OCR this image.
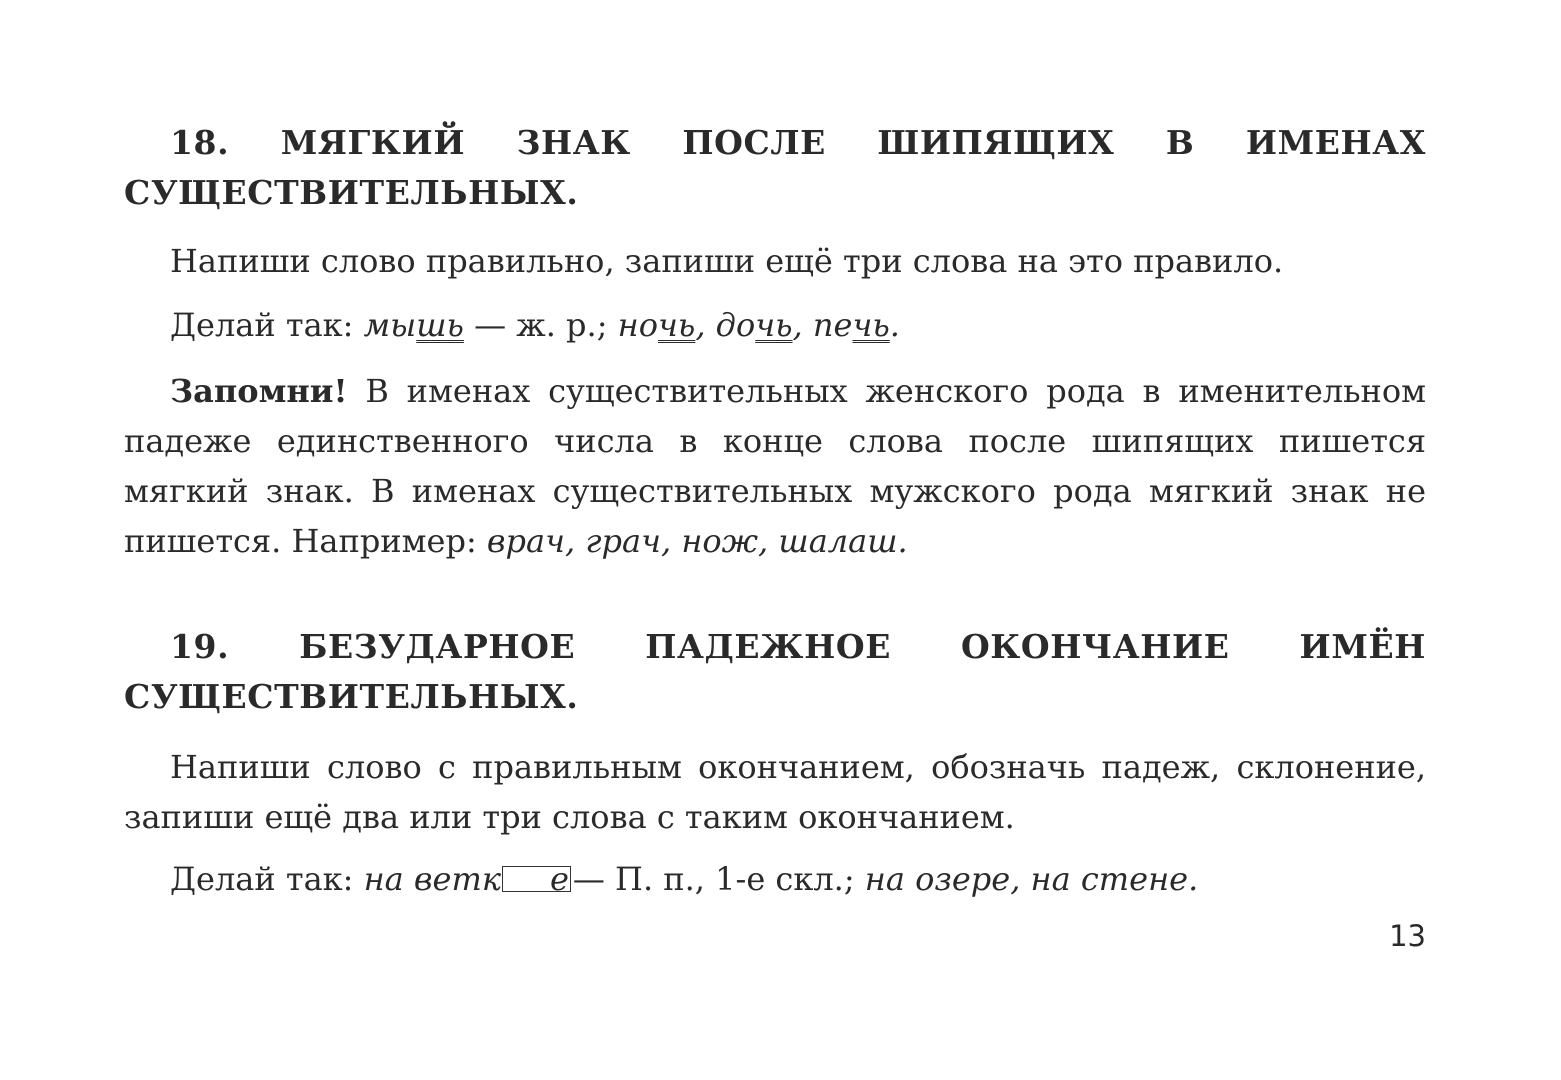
18. МЯГКИЙ ЗНАК ПОСЛЕ ШИПЯЩИХ В ИМЕНАХ СУЩЕСТВИТЕЛЬНЫХ.

Напиши слово правильно, запиши ещё три слова на это правило.

Делай так: мышь — ж. р.; ночь, дочь, печь.

Запомни! В именах существительных женского рода в именительном падеже единственного числа в конце слова после шипящих пишется мягкий знак. В именах существительных мужского рода мягкий знак не пишется. Например: врач, грач, нож, шалаш.

19. БЕЗУДАРНОЕ ПАДЕЖНОЕ ОКОНЧАНИЕ ИМЁН СУЩЕСТВИТЕЛЬНЫХ.

Напиши слово с правильным окончанием, обозначь падеж, склонение, запиши ещё два или три слова с таким окончанием.

Делай так: на ветк е — П. п., 1-е скл.; на озере, на стене.

13
